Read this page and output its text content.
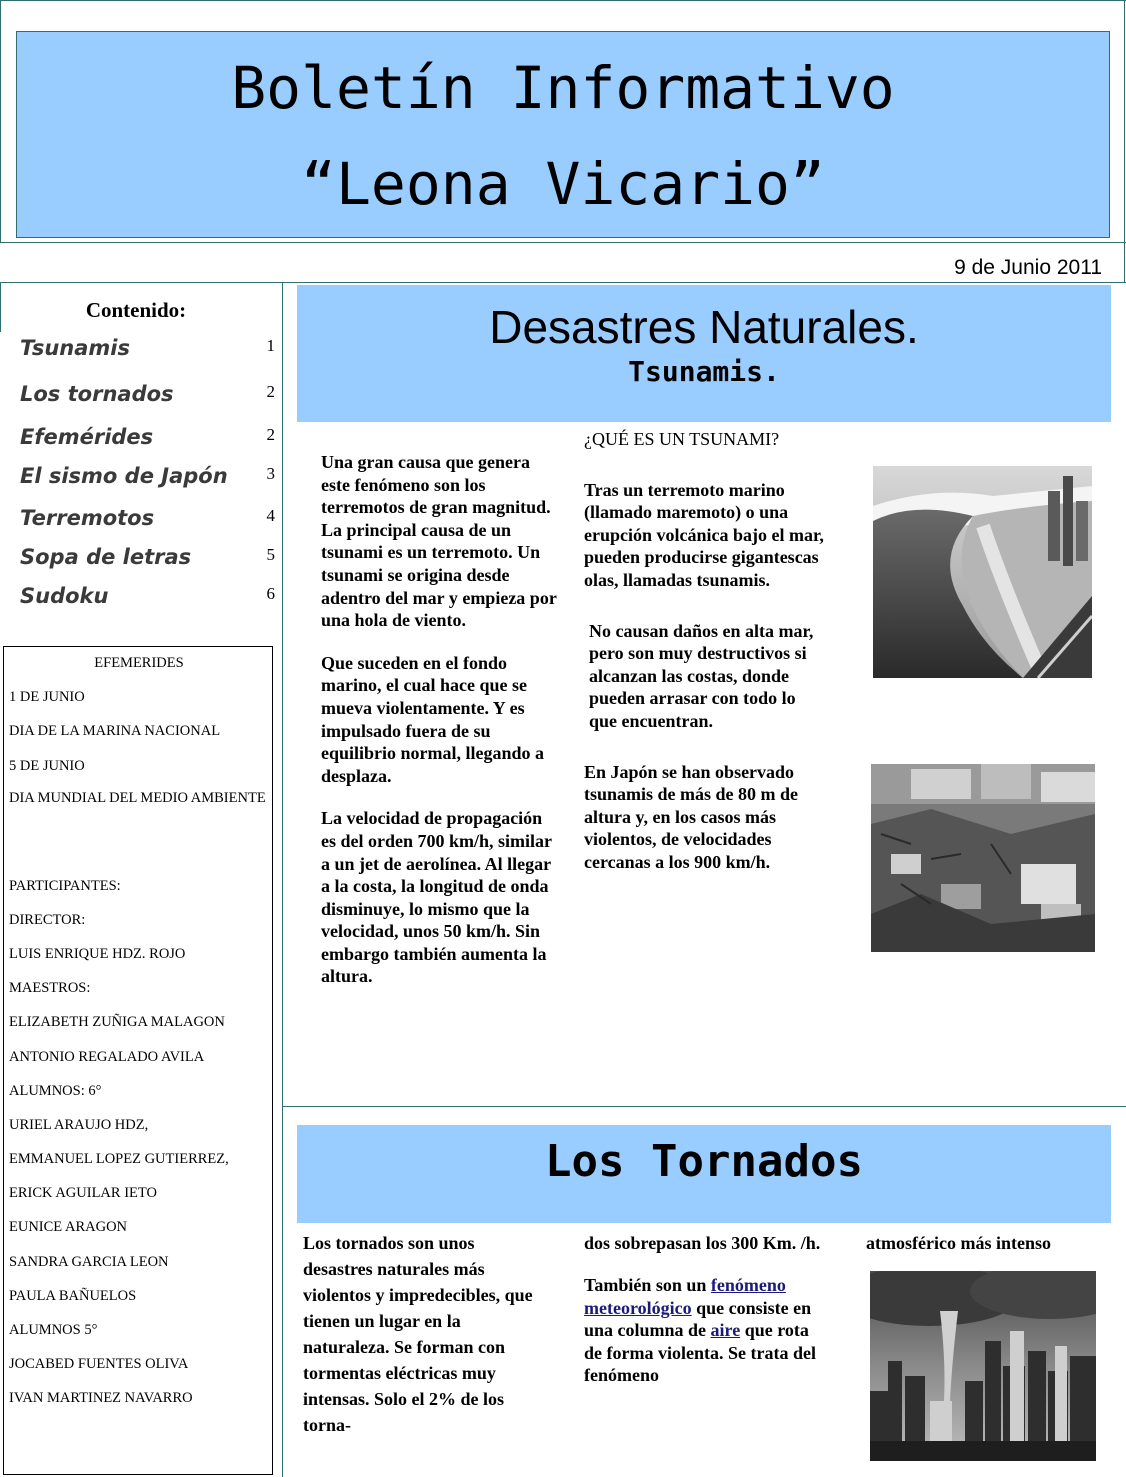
Boletín Informativo
“Leona Vicario”
9 de Junio 2011
Contenido:
Tsunamis	1
Los tornados	2
Efemérides	2
El sismo de Japón 3
Terremotos	4
Sopa de letras	5
Sudoku	6
EFEMERIDES
1 DE JUNIO
DIA DE LA MARINA NACIONAL
5 DE JUNIO
DIA MUNDIAL DEL MEDIO AMBIENTE
PARTICIPANTES:
DIRECTOR:
LUIS ENRIQUE HDZ. ROJO
MAESTROS:
ELIZABETH ZUÑIGA MALAGON
ANTONIO REGALADO AVILA
ALUMNOS: 6°
URIEL ARAUJO HDZ,
EMMANUEL LOPEZ GUTIERREZ,
ERICK AGUILAR IETO
EUNICE ARAGON
SANDRA GARCIA LEON
PAULA BAÑUELOS
ALUMNOS 5°
JOCABED FUENTES OLIVA
IVAN MARTINEZ NAVARRO
Desastres Naturales.
Tsunamis.

Una gran causa que genera este fenómeno son los terremotos de gran magnitud. La principal causa de un tsunami es un terremoto. Un tsunami se origina desde adentro del mar y empieza por una hola de viento.

Que suceden en el fondo marino, el cual hace que se mueva violentamente. Y es impulsado fuera de su equilibrio normal, llegando a desplaza.

La velocidad de propagación es del orden 700 km/h, similar a un jet de aerolínea. Al llegar a la costa, la longitud de onda disminuye, lo mismo que la velocidad, unos 50 km/h. Sin embargo también aumenta la altura.

¿QUÉ ES UN TSUNAMI?

Tras un terremoto marino (llamado maremoto) o una erupción volcánica bajo el mar, pueden producirse gigantescas olas, llamadas tsunamis.

No causan daños en alta mar, pero son muy destructivos si alcanzan las costas, donde pueden arrasar con todo lo que encuentran.

En Japón se han observado tsunamis de más de 80 m de altura y, en los casos más violentos, de velocidades cercanas a los 900 km/h.

Los Tornados

Los tornados son unos desastres naturales más violentos y impredecibles, que tienen un lugar en la naturaleza. Se forman con tormentas eléctricas muy intensas. Solo el 2% de los torna-

dos sobrepasan los 300 Km. /h.

También son un fenómeno meteorológico que consiste en una columna de aire que rota de forma violenta. Se trata del fenómeno

atmosférico más intenso
